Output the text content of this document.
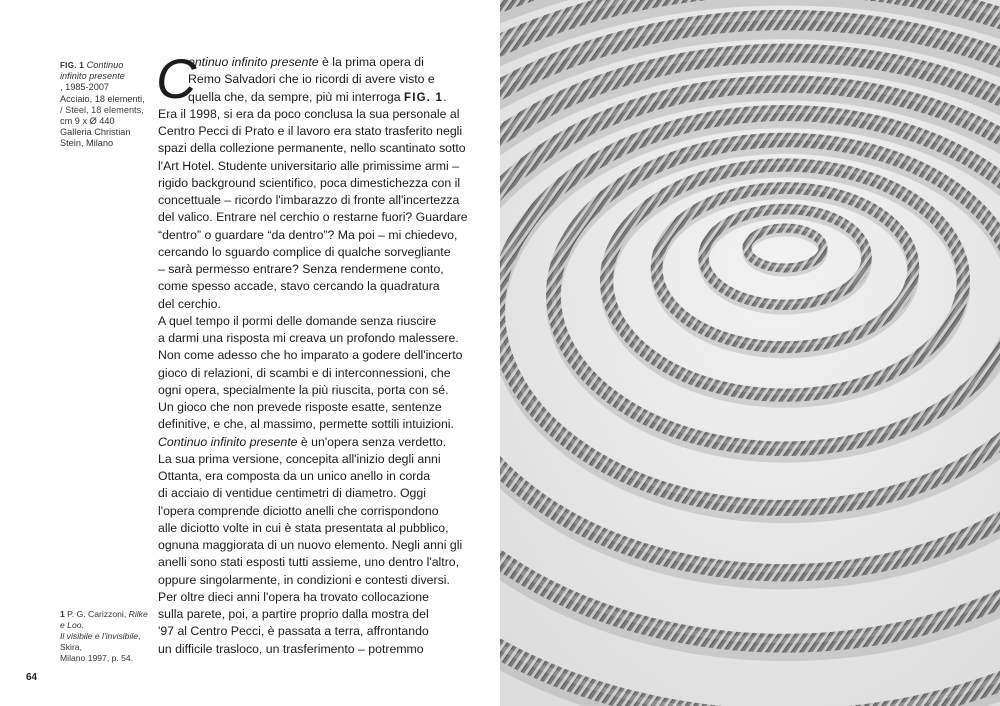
FIG. 1 Continuo infinito presente
, 1985-2007
Acciaio, 18 elementi,
/ Steel, 18 elements,
cm 9 x Ø 440
Galleria Christian
Stein, Milano
C
ontinuo infinito presente è la prima opera di
Remo Salvadori che io ricordi di avere visto e
quella che, da sempre, più mi interroga FIG. 1.
Era il 1998, si era da poco conclusa la sua personale al
Centro Pecci di Prato e il lavoro era stato trasferito negli
spazi della collezione permanente, nello scantinato sotto
l'Art Hotel. Studente universitario alle primissime armi –
rigido background scientifico, poca dimestichezza con il
concettuale – ricordo l'imbarazzo di fronte all'incertezza
del valico. Entrare nel cerchio o restarne fuori? Guardare
“dentro” o guardare “da dentro”? Ma poi – mi chiedevo,
cercando lo sguardo complice di qualche sorvegliante
– sarà permesso entrare? Senza rendermene conto,
come spesso accade, stavo cercando la quadratura
del cerchio.
A quel tempo il pormi delle domande senza riuscire
a darmi una risposta mi creava un profondo malessere.
Non come adesso che ho imparato a godere dell'incerto
gioco di relazioni, di scambi e di interconnessioni, che
ogni opera, specialmente la più riuscita, porta con sé.
Un gioco che non prevede risposte esatte, sentenze
definitive, e che, al massimo, permette sottili intuizioni.
Continuo infinito presente è un'opera senza verdetto.
La sua prima versione, concepita all'inizio degli anni
Ottanta, era composta da un unico anello in corda
di acciaio di ventidue centimetri di diametro. Oggi
l'opera comprende diciotto anelli che corrispondono
alle diciotto volte in cui è stata presentata al pubblico,
ognuna maggiorata di un nuovo elemento. Negli anni gli
anelli sono stati esposti tutti assieme, uno dentro l'altro,
oppure singolarmente, in condizioni e contesti diversi.
Per oltre dieci anni l'opera ha trovato collocazione
sulla parete, poi, a partire proprio dalla mostra del
'97 al Centro Pecci, è passata a terra, affrontando
un difficile trasloco, un trasferimento – potremmo
1 P. G. Carizzoni, Rilke e Loo.
Il visibile e l'invisibile, Skira,
Milano 1997, p. 54.
64
